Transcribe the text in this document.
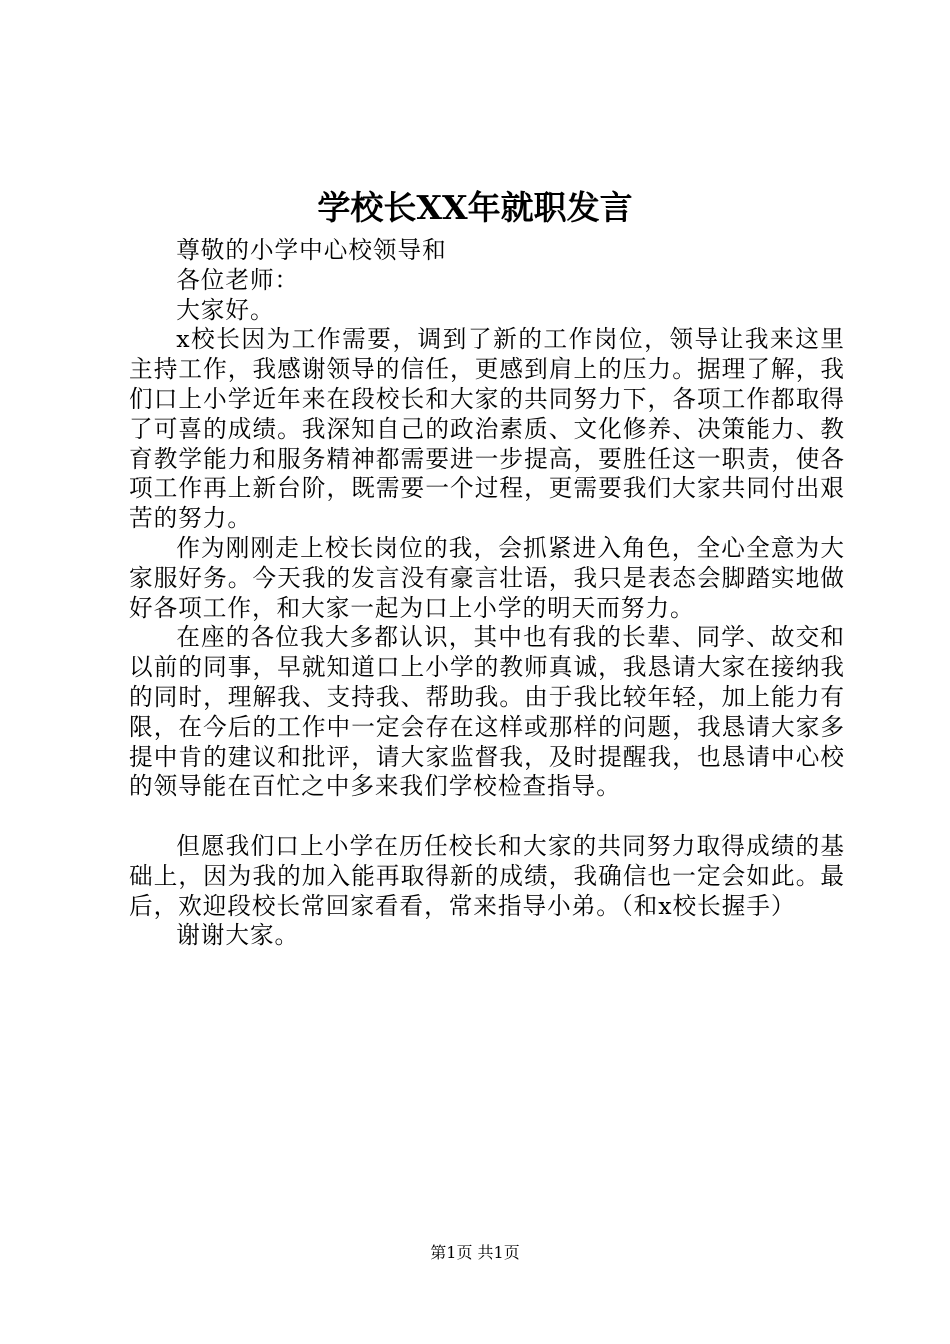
学校长XX年就职发言

尊敬的小学中心校领导和

各位老师：

大家好。

x校长因为工作需要，调到了新的工作岗位，领导让我来这里主持工作，我感谢领导的信任，更感到肩上的压力。据理了解，我们口上小学近年来在段校长和大家的共同努力下，各项工作都取得了可喜的成绩。我深知自己的政治素质、文化修养、决策能力、教育教学能力和服务精神都需要进一步提高，要胜任这一职责，使各项工作再上新台阶，既需要一个过程，更需要我们大家共同付出艰苦的努力。

作为刚刚走上校长岗位的我，会抓紧进入角色，全心全意为大家服好务。今天我的发言没有豪言壮语，我只是表态会脚踏实地做好各项工作，和大家一起为口上小学的明天而努力。

在座的各位我大多都认识，其中也有我的长辈、同学、故交和以前的同事，早就知道口上小学的教师真诚，我恳请大家在接纳我的同时，理解我、支持我、帮助我。由于我比较年轻，加上能力有限，在今后的工作中一定会存在这样或那样的问题，我恳请大家多提中肯的建议和批评，请大家监督我，及时提醒我，也恳请中心校的领导能在百忙之中多来我们学校检查指导。

但愿我们口上小学在历任校长和大家的共同努力取得成绩的基础上，因为我的加入能再取得新的成绩，我确信也一定会如此。最后，欢迎段校长常回家看看，常来指导小弟。（和x校长握手）

谢谢大家。

第1页 共1页
